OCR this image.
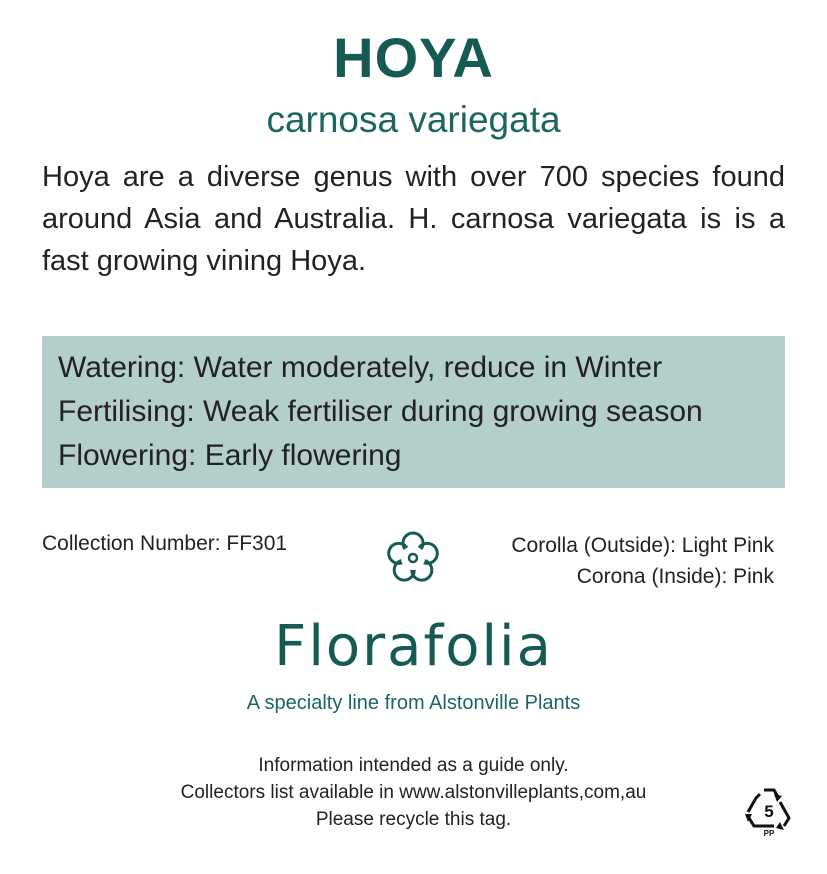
HOYA
carnosa variegata
Hoya are a diverse genus with over 700 species found around Asia and Australia. H. carnosa variegata is is a fast growing vining Hoya.
Watering: Water moderately, reduce in Winter
Fertilising: Weak fertiliser during growing season
Flowering: Early flowering
Collection Number: FF301	Corolla (Outside): Light Pink
Corona (Inside): Pink
Florafolia
A specialty line from Alstonville Plants
Information intended as a guide only.
Collectors list available in www.alstonvilleplants,com,au
Please recycle this tag.	5
PP
